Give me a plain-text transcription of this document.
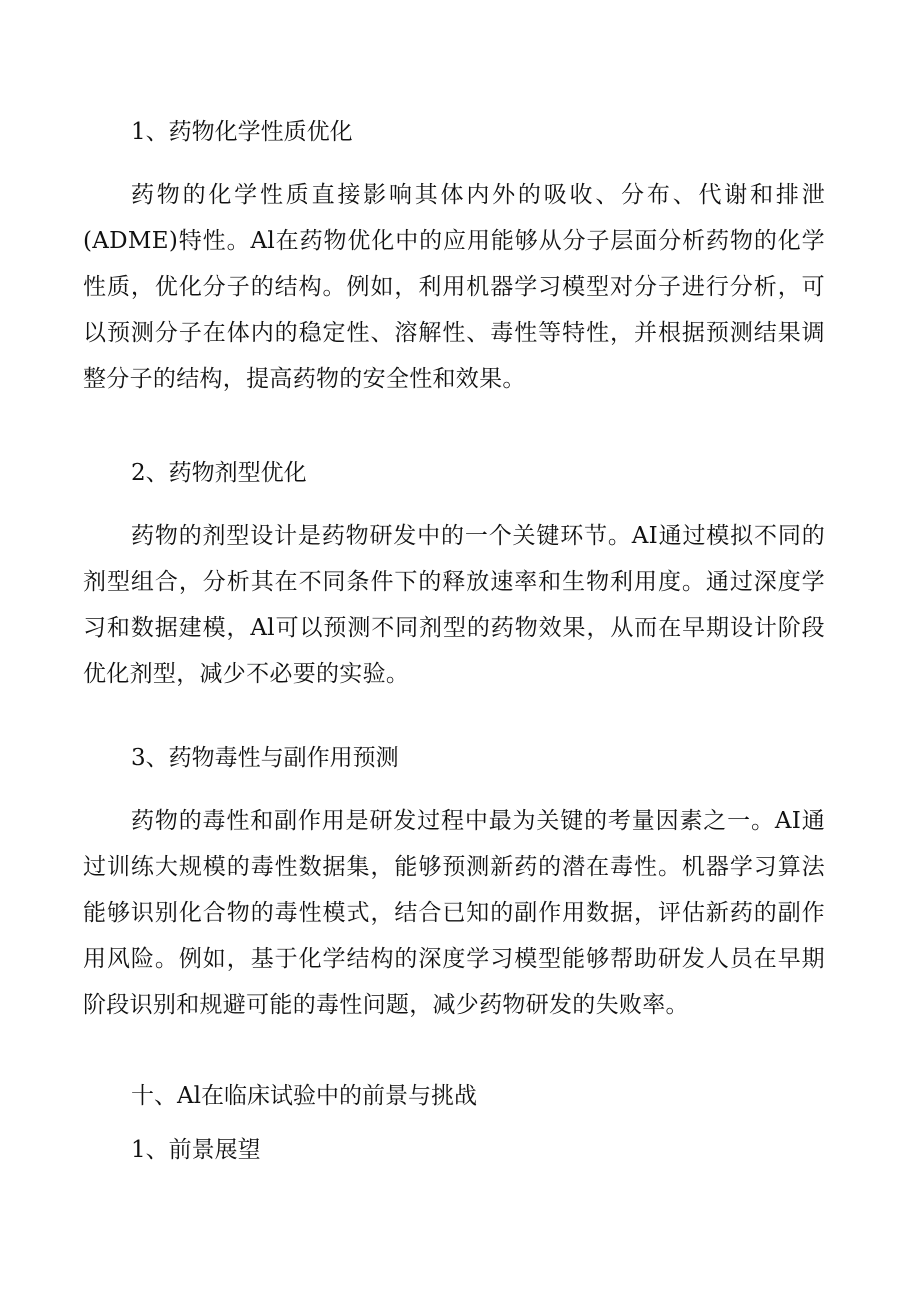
1、药物化学性质优化

药物的化学性质直接影响其体内外的吸收、分布、代谢和排泄(ADME)特性。Al在药物优化中的应用能够从分子层面分析药物的化学性质，优化分子的结构。例如，利用机器学习模型对分子进行分析，可以预测分子在体内的稳定性、溶解性、毒性等特性，并根据预测结果调整分子的结构，提高药物的安全性和效果。

2、药物剂型优化

药物的剂型设计是药物研发中的一个关键环节。AI通过模拟不同的剂型组合，分析其在不同条件下的释放速率和生物利用度。通过深度学习和数据建模，Al可以预测不同剂型的药物效果，从而在早期设计阶段优化剂型，减少不必要的实验。

3、药物毒性与副作用预测

药物的毒性和副作用是研发过程中最为关键的考量因素之一。AI通过训练大规模的毒性数据集，能够预测新药的潜在毒性。机器学习算法能够识别化合物的毒性模式，结合已知的副作用数据，评估新药的副作用风险。例如，基于化学结构的深度学习模型能够帮助研发人员在早期阶段识别和规避可能的毒性问题，减少药物研发的失败率。

十、Al在临床试验中的前景与挑战
1、前景展望
